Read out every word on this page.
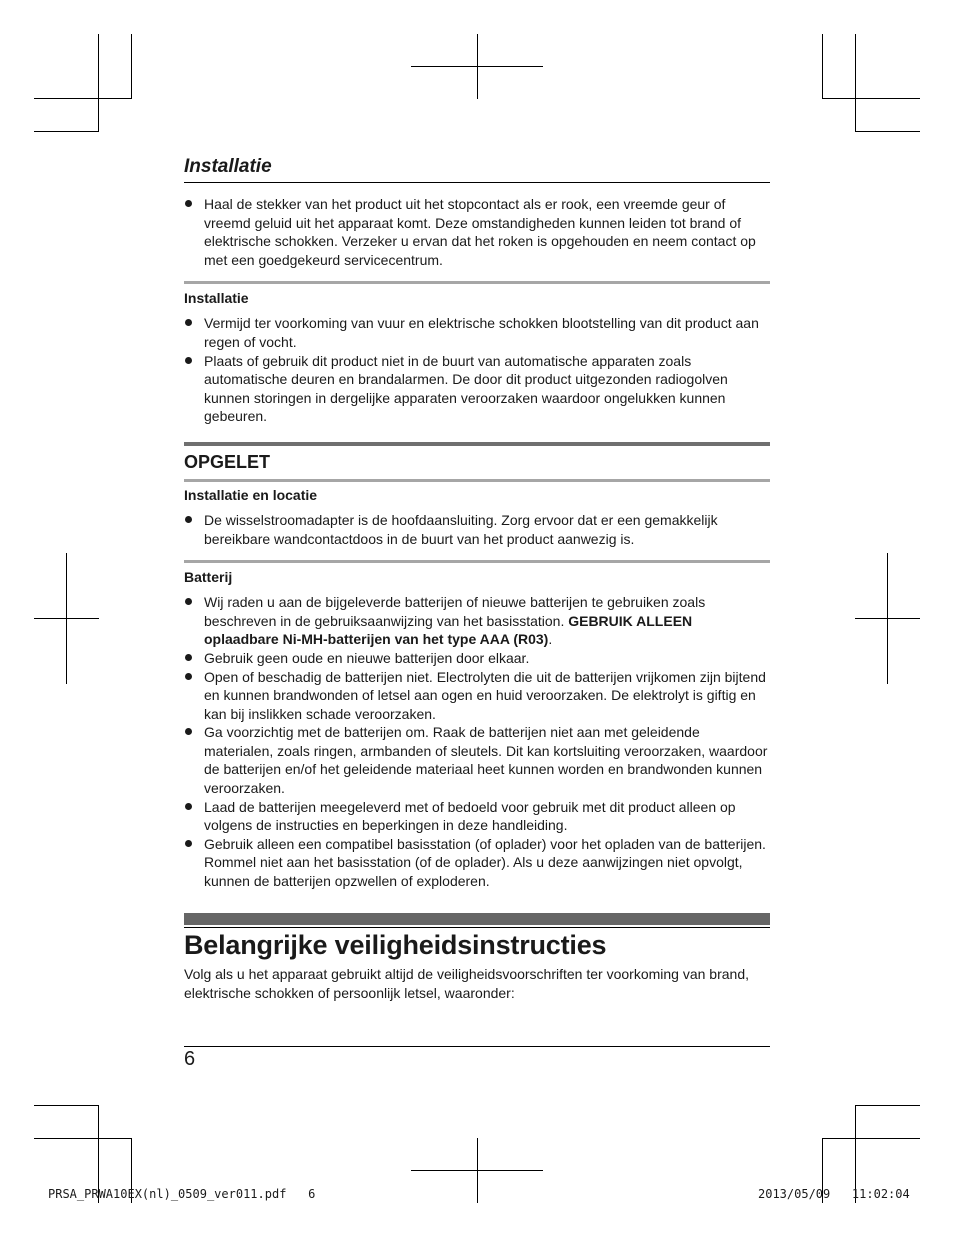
Installatie
Haal de stekker van het product uit het stopcontact als er rook, een vreemde geur of vreemd geluid uit het apparaat komt. Deze omstandigheden kunnen leiden tot brand of elektrische schokken. Verzeker u ervan dat het roken is opgehouden en neem contact op met een goedgekeurd servicecentrum.
Installatie
Vermijd ter voorkoming van vuur en elektrische schokken blootstelling van dit product aan regen of vocht.
Plaats of gebruik dit product niet in de buurt van automatische apparaten zoals automatische deuren en brandalarmen. De door dit product uitgezonden radiogolven kunnen storingen in dergelijke apparaten veroorzaken waardoor ongelukken kunnen gebeuren.
OPGELET
Installatie en locatie
De wisselstroomadapter is de hoofdaansluiting. Zorg ervoor dat er een gemakkelijk bereikbare wandcontactdoos in de buurt van het product aanwezig is.
Batterij
Wij raden u aan de bijgeleverde batterijen of nieuwe batterijen te gebruiken zoals beschreven in de gebruiksaanwijzing van het basisstation. GEBRUIK ALLEEN oplaadbare Ni-MH-batterijen van het type AAA (R03).
Gebruik geen oude en nieuwe batterijen door elkaar.
Open of beschadig de batterijen niet. Electrolyten die uit de batterijen vrijkomen zijn bijtend en kunnen brandwonden of letsel aan ogen en huid veroorzaken. De elektrolyt is giftig en kan bij inslikken schade veroorzaken.
Ga voorzichtig met de batterijen om. Raak de batterijen niet aan met geleidende materialen, zoals ringen, armbanden of sleutels. Dit kan kortsluiting veroorzaken, waardoor de batterijen en/of het geleidende materiaal heet kunnen worden en brandwonden kunnen veroorzaken.
Laad de batterijen meegeleverd met of bedoeld voor gebruik met dit product alleen op volgens de instructies en beperkingen in deze handleiding.
Gebruik alleen een compatibel basisstation (of oplader) voor het opladen van de batterijen. Rommel niet aan het basisstation (of de oplader). Als u deze aanwijzingen niet opvolgt, kunnen de batterijen opzwellen of exploderen.
Belangrijke veiligheidsinstructies

Volg als u het apparaat gebruikt altijd de veiligheidsvoorschriften ter voorkoming van brand, elektrische schokken of persoonlijk letsel, waaronder:

6
PRSA_PRWA10EX(nl)_0509_ver011.pdf   6	2013/05/09   11:02:04
